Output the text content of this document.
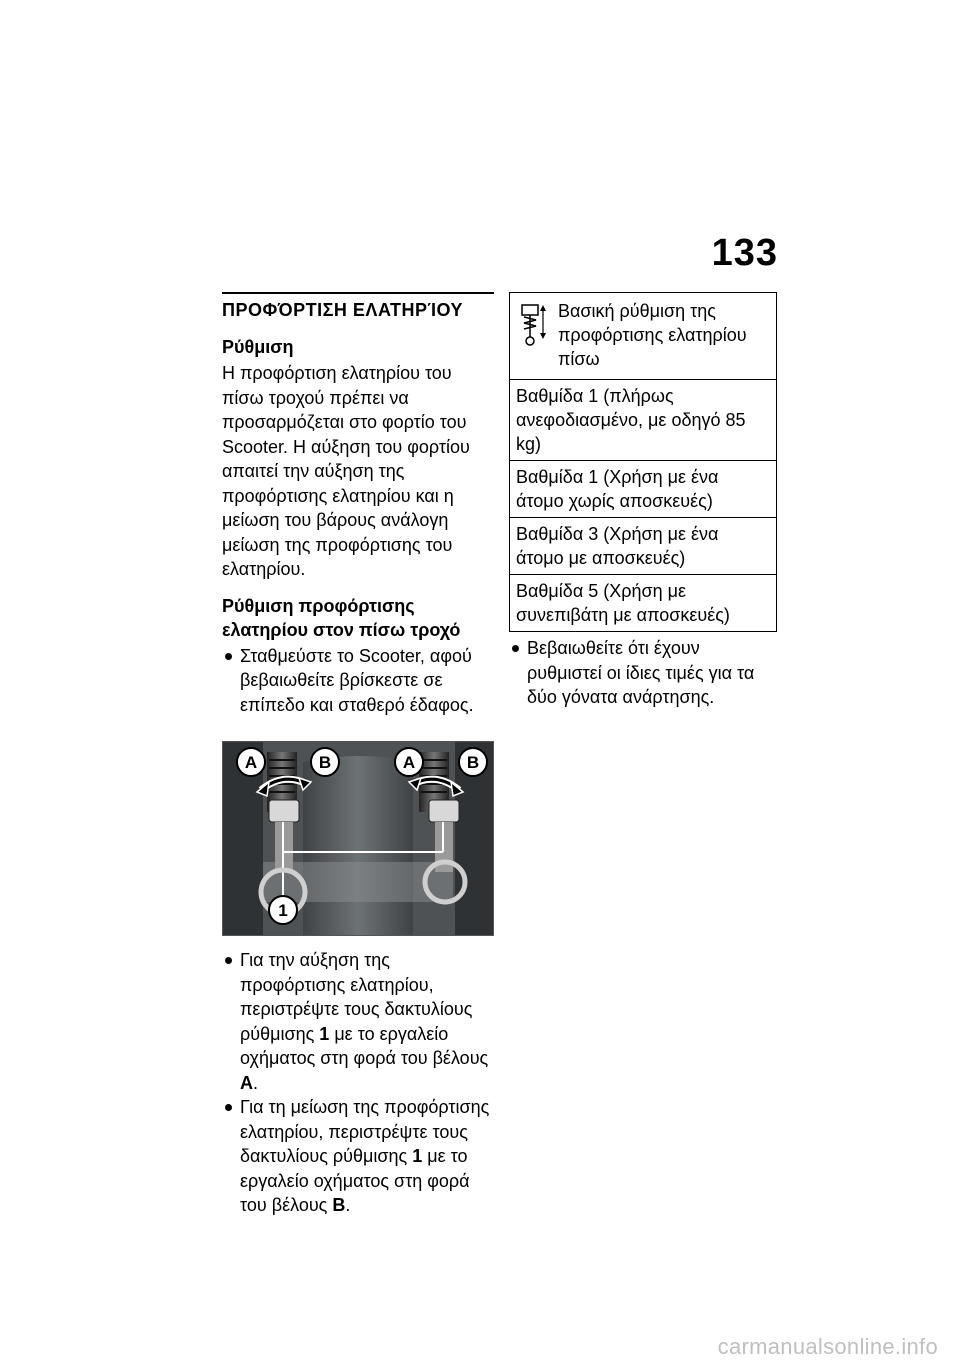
133
ΠΡΟΦΌΡΤΙΣΗ ΕΛΑΤΗΡΊΟΥ
Ρύθμιση

Η προφόρτιση ελατηρίου του πίσω τροχού πρέπει να προσαρμόζεται στο φορτίο του Scooter. Η αύξηση του φορτίου απαιτεί την αύξηση της προφόρτισης ελατηρίου και η μείωση του βάρους ανάλογη μείωση της προφόρτισης του ελατηρίου.

Ρύθμιση προφόρτισης
ελατηρίου στον πίσω τροχό
Σταθμεύστε το Scooter, αφού βεβαιωθείτε βρίσκεστε σε επίπεδο και σταθερό έδαφος.
A	B	A	B
1
Για την αύξηση της προφόρτισης ελατηρίου, περιστρέψτε τους δακτυλίους ρύθμισης 1 με το εργαλείο οχήματος στη φορά του βέλους A.
Για τη μείωση της προφόρτισης ελατηρίου, περιστρέψτε τους δακτυλίους ρύθμισης 1 με το εργαλείο οχήματος στη φορά του βέλους B.
Βασική ρύθμιση της προφόρτισης ελατηρίου πίσω

Βαθμίδα 1 (πλήρως ανεφοδιασμένο, με οδηγό 85 kg)
Βαθμίδα 1 (Χρήση με ένα άτομο χωρίς αποσκευές)
Βαθμίδα 3 (Χρήση με ένα άτομο με αποσκευές)
Βαθμίδα 5 (Χρήση με συνεπιβάτη με αποσκευές)
Βεβαιωθείτε ότι έχουν ρυθμιστεί οι ίδιες τιμές για τα δύο γόνατα ανάρτησης.
carmanualsonline.info
